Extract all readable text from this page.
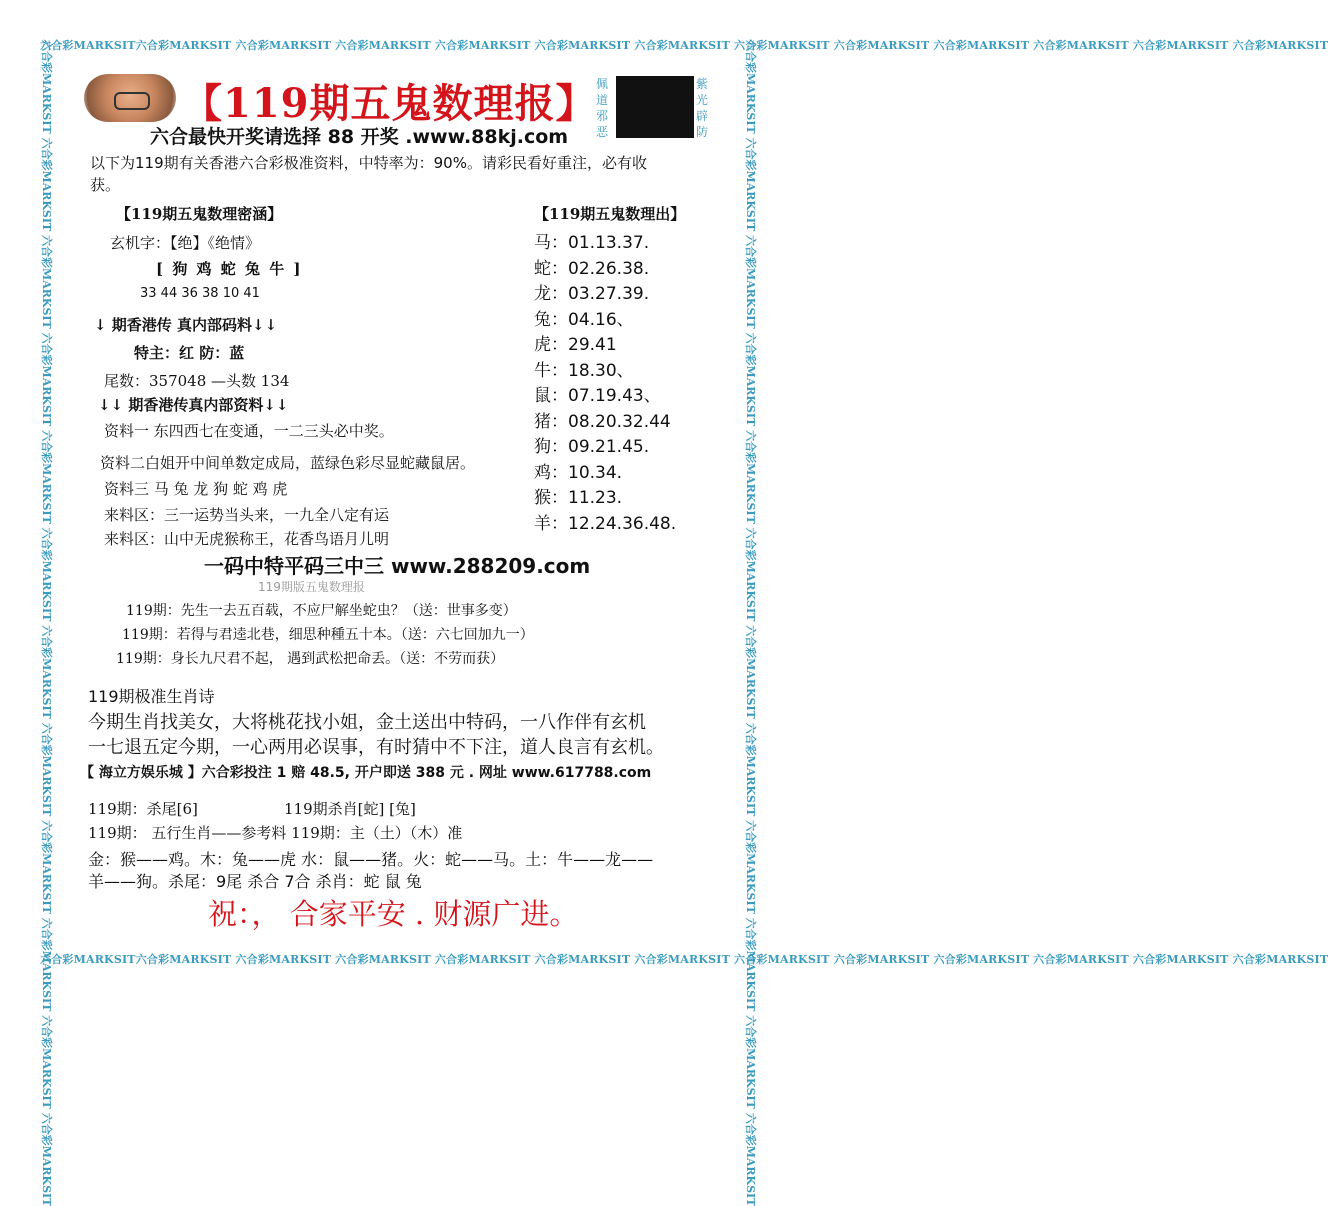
六合彩MARKSIT六合彩MARKSIT 六合彩MARKSIT 六合彩MARKSIT 六合彩MARKSIT 六合彩MARKSIT 六合彩MARKSIT 六合彩MARKSIT 六合彩MARKSIT 六合彩MARKSIT 六合彩MARKSIT 六合彩MARKSIT 六合彩MARKSIT
六合彩MARKSIT六合彩MARKSIT 六合彩MARKSIT 六合彩MARKSIT 六合彩MARKSIT 六合彩MARKSIT 六合彩MARKSIT 六合彩MARKSIT 六合彩MARKSIT 六合彩MARKSIT 六合彩MARKSIT 六合彩MARKSIT 六合彩MARKSIT
六合彩MARKSIT 六合彩MARKSIT 六合彩MARKSIT 六合彩MARKSIT 六合彩MARKSIT 六合彩MARKSIT 六合彩MARKSIT 六合彩MARKSIT 六合彩MARKSIT 六合彩MARKSIT 六合彩MARKSIT 六合彩MARKSIT	六合彩MARKSIT 六合彩MARKSIT 六合彩MARKSIT 六合彩MARKSIT 六合彩MARKSIT 六合彩MARKSIT 六合彩MARKSIT 六合彩MARKSIT 六合彩MARKSIT 六合彩MARKSIT 六合彩MARKSIT 六合彩MARKSIT
【119期五鬼数理报】 佩
道
邪
恶
紫
光
辟
防
六合最快开奖请选择 88 开奖 .www.88kj.com
以下为119期有关香港六合彩极准资料，中特率为：90%。请彩民看好重注，必有收
获。
【119期五鬼数理密涵】
玄机字：【绝】《绝情》
[ 狗 鸡 蛇 兔 牛 ]
33 44 36 38 10 41
↓ 期香港传 真内部码料↓↓
特主：红 防：蓝
尾数：357048 —头数 134
↓↓ 期香港传真内部资料↓↓
资料一 东四西七在变通，一二三头必中奖。
资料二白姐开中间单数定成局，蓝绿色彩尽显蛇藏鼠居。
资料三 马 兔 龙 狗 蛇 鸡 虎
来料区：三一运势当头来，一九全八定有运
来料区：山中无虎猴称王，花香鸟语月儿明
【119期五鬼数理出】
马：01.13.37.
蛇：02.26.38.
龙：03.27.39.
兔：04.16、
虎：29.41
牛：18.30、
鼠：07.19.43、
猪：08.20.32.44
狗：09.21.45.
鸡：10.34.
猴：11.23.
羊：12.24.36.48.
一码中特平码三中三 www.288209.com
119期版五鬼数理报
119期：先生一去五百载，不应尸解坐蛇虫？（送：世事多变）
119期：若得与君逵北巷，细思种種五十本。（送：六七回加九一）
119期：身长九尺君不起， 遇到武松把命丢。（送：不劳而获）
119期极准生肖诗
今期生肖找美女，大将桃花找小姐，金土送出中特码，一八作伴有玄机
一七退五定今期，一心两用必误事，有时猜中不下注，道人良言有玄机。
【 海立方娱乐城 】六合彩投注 1 赔 48.5, 开户即送 388 元 . 网址 www.617788.com
119期：杀尾[6]	119期杀肖[蛇] [兔]
119期： 五行生肖——参考料 119期：主（土）（木）准
金：猴——鸡。木：兔——虎 水：鼠——猪。火：蛇——马。土：牛——龙——
羊——狗。杀尾：9尾 杀合 7合 杀肖：蛇 鼠 兔
祝：， 合家平安 . 财源广进。
